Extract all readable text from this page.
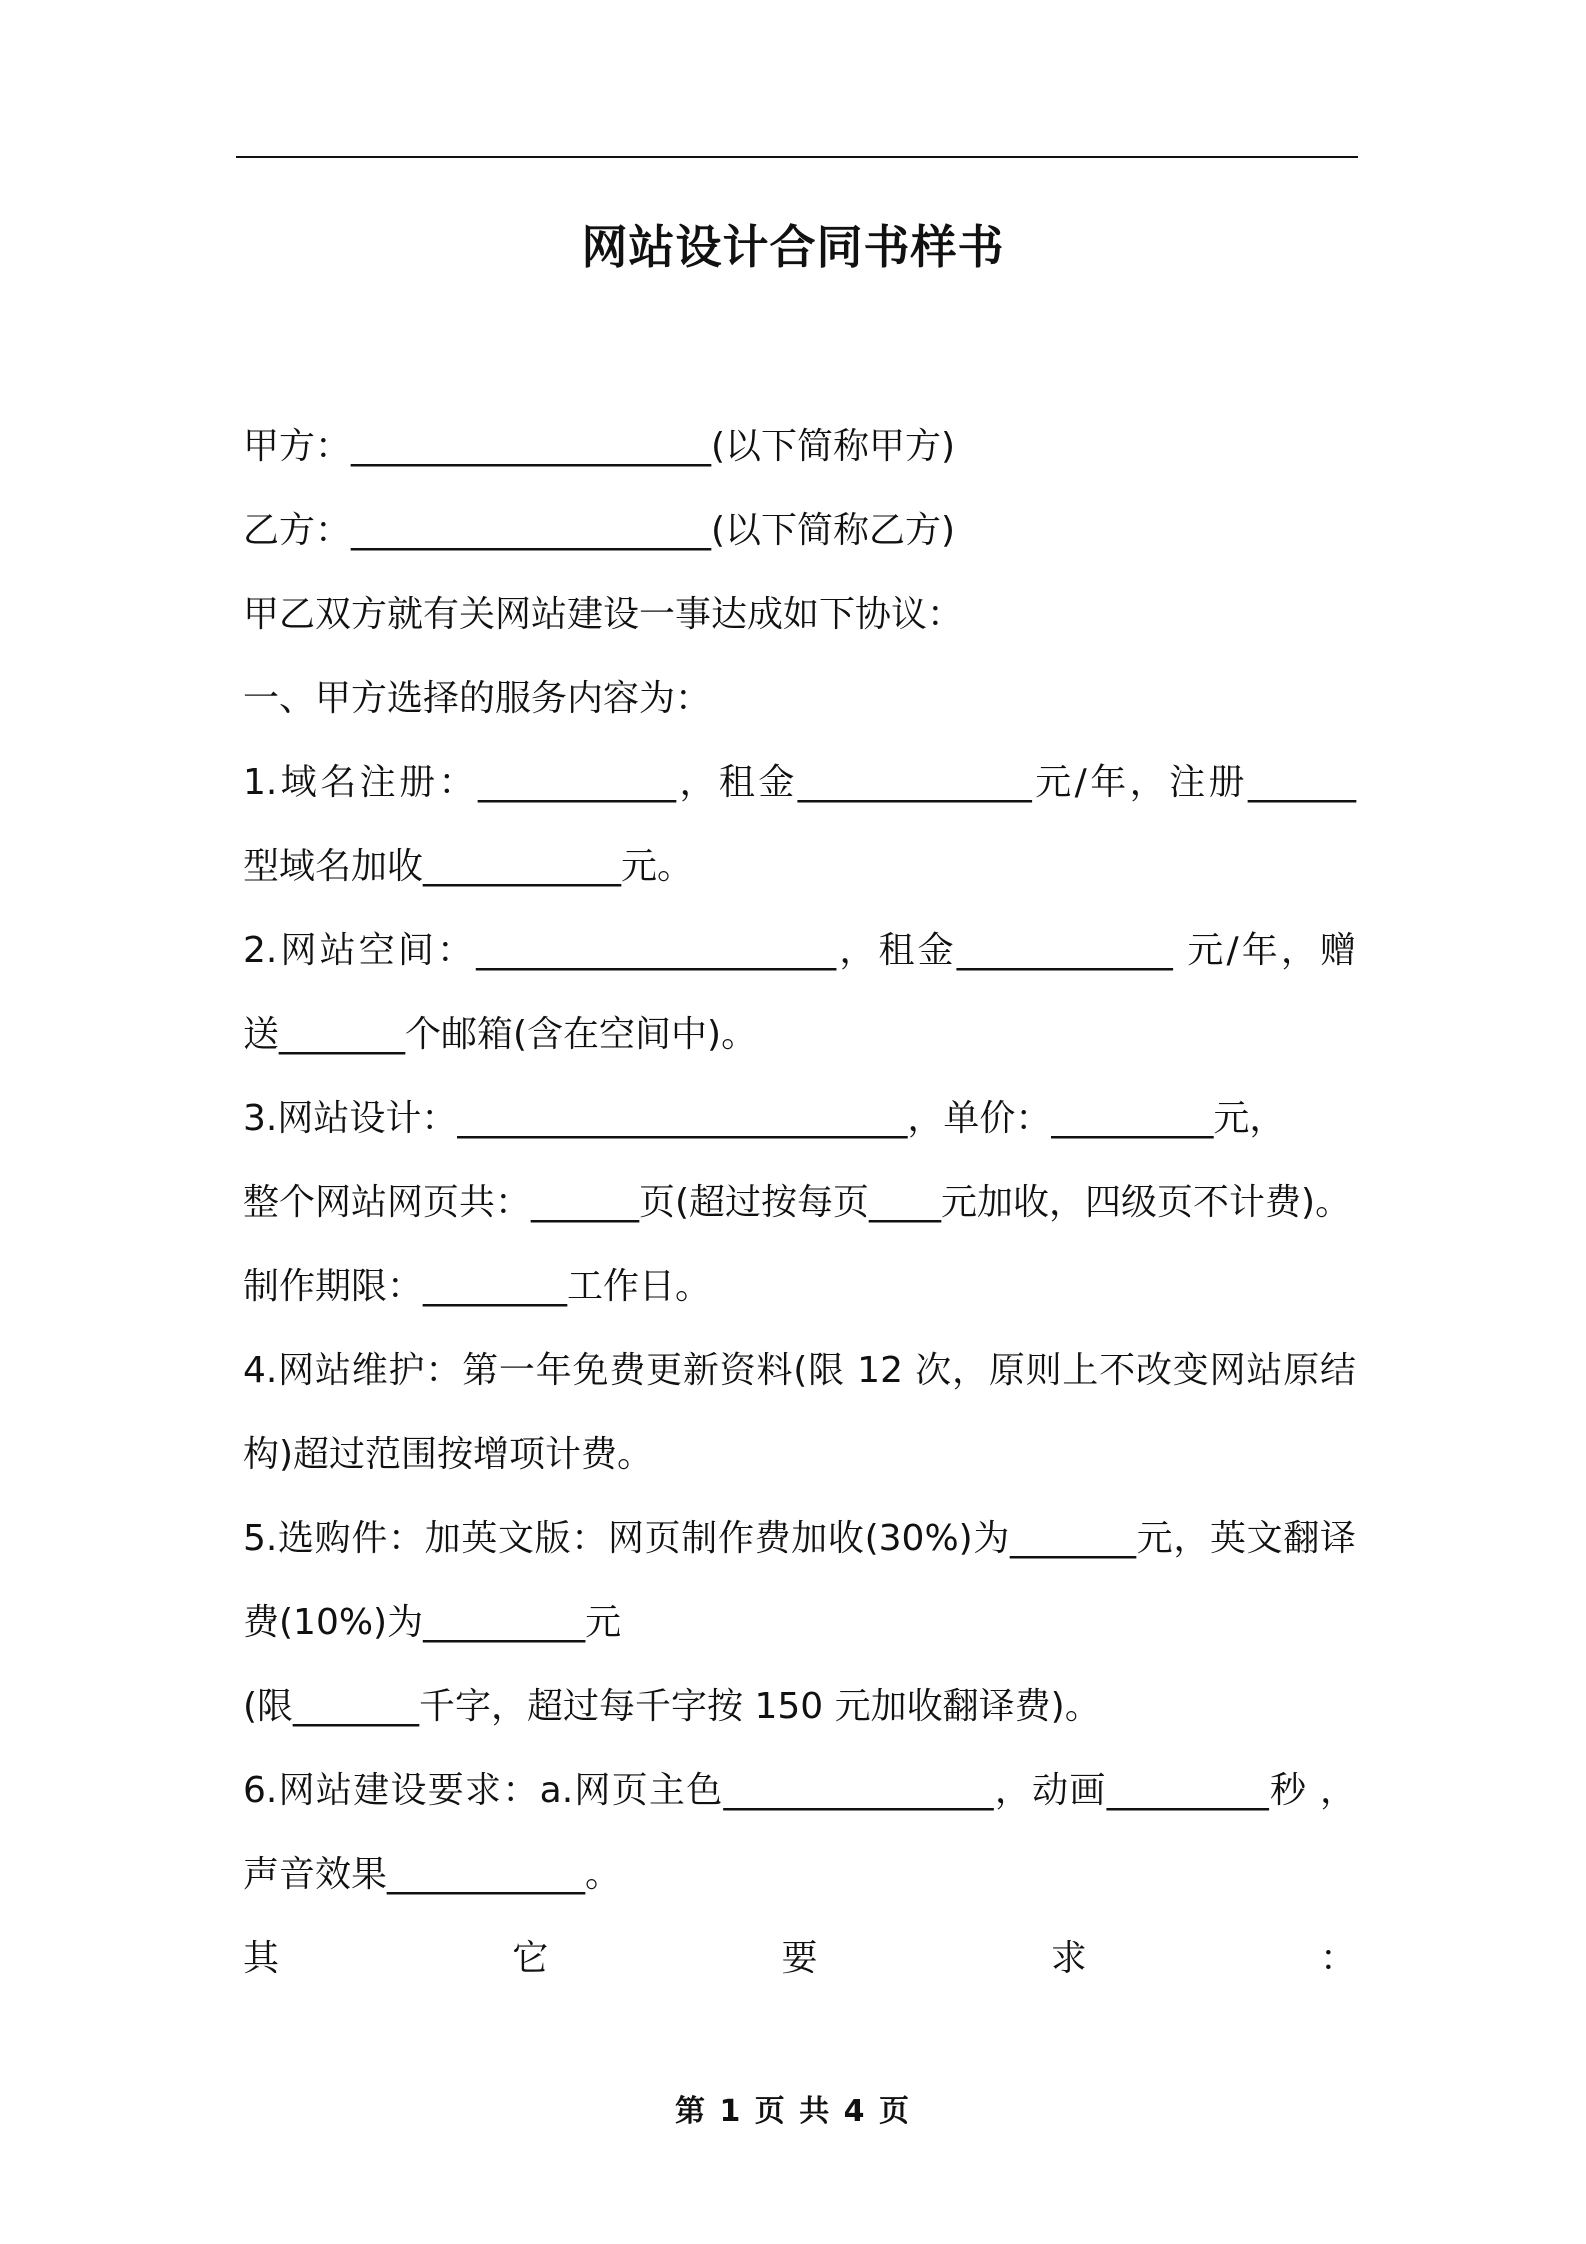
网站设计合同书样书
甲方：____________________(以下简称甲方)
乙方：____________________(以下简称乙方)
甲乙双方就有关网站建设一事达成如下协议：
一、甲方选择的服务内容为：
1.域名注册：___________，租金_____________元/年，注册______
型域名加收___________元。
2.网站空间：____________________，租金____________ 元/年，赠
送_______个邮箱(含在空间中)。
3.网站设计：_________________________，单价：_________元，
整个网站网页共：______页(超过按每页____元加收，四级页不计费)。
制作期限：________工作日。
4.网站维护：第一年免费更新资料(限 12 次，原则上不改变网站原结
构)超过范围按增项计费。
5.选购件：加英文版：网页制作费加收(30%)为_______元，英文翻译
费(10%)为_________元
(限_______千字，超过每千字按 150 元加收翻译费)。
6.网站建设要求：a.网页主色_______________，动画_________秒 ，
声音效果___________。
其	它	要	求	：
第 1 页 共 4 页
